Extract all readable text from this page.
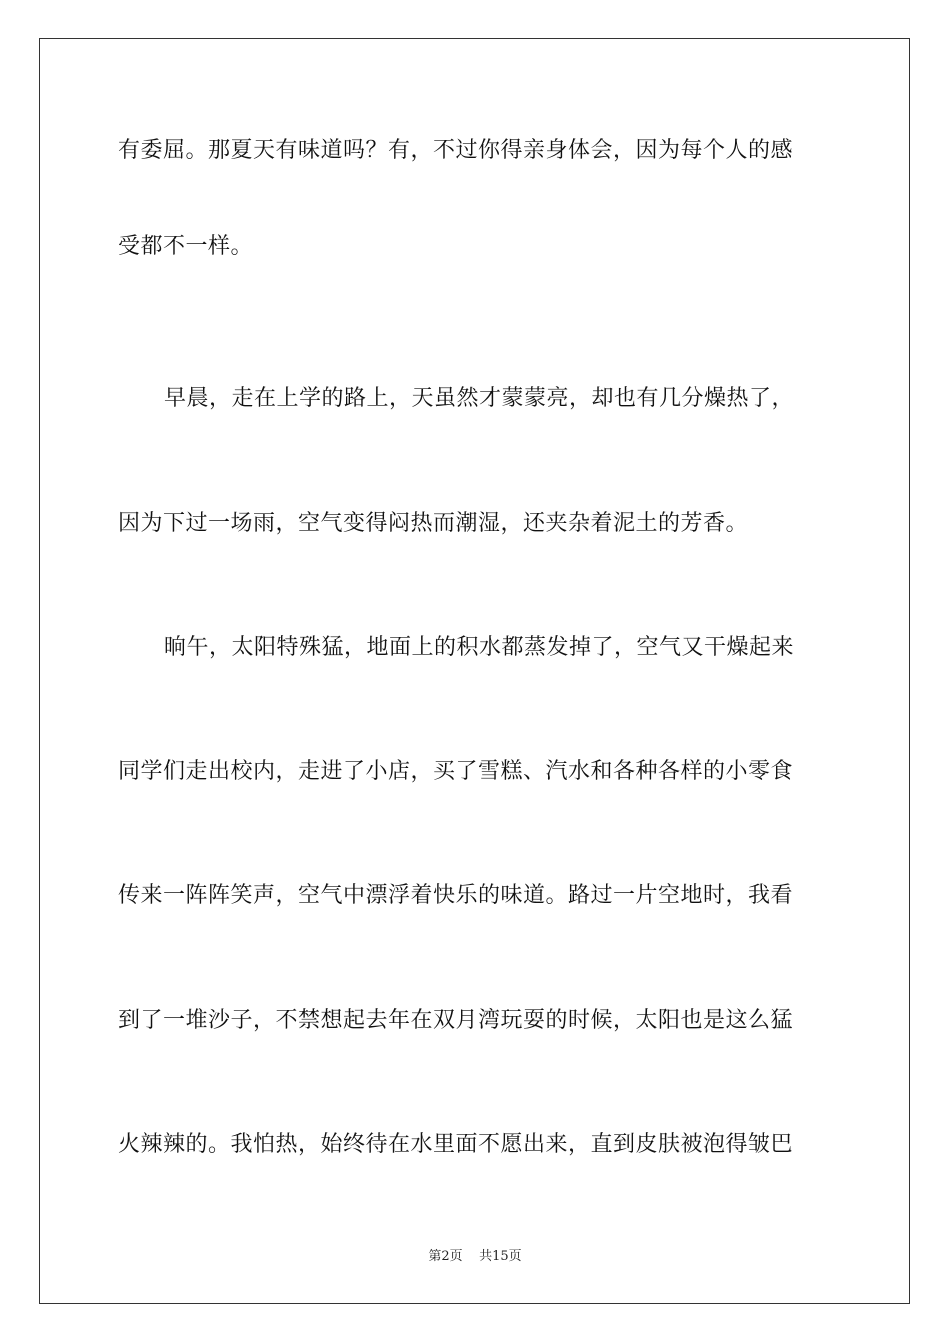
有委屈。那夏天有味道吗？有，不过你得亲身体会，因为每个人的感
受都不一样。
早晨，走在上学的路上，天虽然才蒙蒙亮，却也有几分燥热了，
因为下过一场雨，空气变得闷热而潮湿，还夹杂着泥土的芳香。
晌午，太阳特殊猛，地面上的积水都蒸发掉了，空气又干燥起来
同学们走出校内，走进了小店，买了雪糕、汽水和各种各样的小零食
传来一阵阵笑声，空气中漂浮着快乐的味道。路过一片空地时，我看
到了一堆沙子，不禁想起去年在双月湾玩耍的时候，太阳也是这么猛
火辣辣的。我怕热，始终待在水里面不愿出来，直到皮肤被泡得皱巴
第2页 共15页
